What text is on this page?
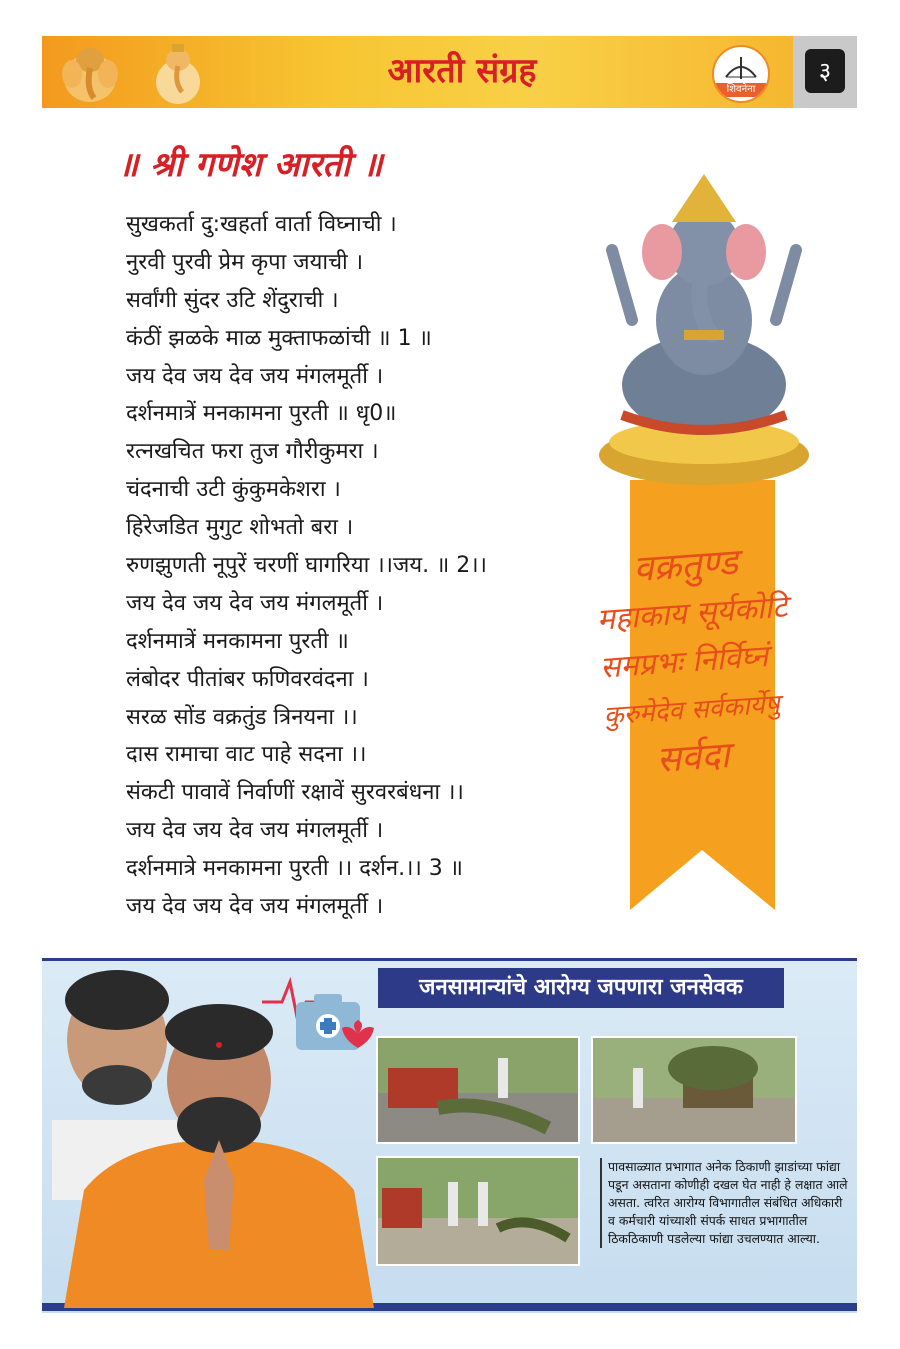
आरती संग्रह	शिवनेना
३
॥ श्री गणेश आरती ॥
सुखकर्ता दु:खहर्ता वार्ता विघ्नाची ।
नुरवी पुरवी प्रेम कृपा जयाची ।
सर्वांगी सुंदर उटि शेंदुराची ।
कंठीं झळके माळ मुक्ताफळांची ॥ 1 ॥
जय देव जय देव जय मंगलमूर्ती ।
दर्शनमात्रें मनकामना पुरती ॥ धृ0॥
रत्नखचित फरा तुज गौरीकुमरा ।
चंदनाची उटी कुंकुमकेशरा ।
हिरेजडित मुगुट शोभतो बरा ।
रुणझुणती नूपुरें चरणीं घागरिया ।।जय. ॥ 2।।
जय देव जय देव जय मंगलमूर्ती ।
दर्शनमात्रें मनकामना पुरती ॥
लंबोदर पीतांबर फणिवरवंदना ।
सरळ सोंड वक्रतुंड त्रिनयना ।।
दास रामाचा वाट पाहे सदना ।।
संकटी पावावें निर्वाणीं रक्षावें सुरवरबंधना ।।
जय देव जय देव जय मंगलमूर्ती ।
दर्शनमात्रे मनकामना पुरती ।। दर्शन.।। 3 ॥
जय देव जय देव जय मंगलमूर्ती ।
वक्रतुण्ड
महाकाय सूर्यकोटि
समप्रभः निर्विघ्नं
कुरुमेदेव सर्वकार्येषु
सर्वदा
जनसामान्यांचे आरोग्य जपणारा जनसेवक
पावसाळ्यात प्रभागात अनेक ठिकाणी झाडांच्या फांद्या पडून असताना कोणीही दखल घेत नाही हे लक्षात आले असता. त्वरित आरोग्य विभागातील संबंधित अधिकारी व कर्मचारी यांच्याशी संपर्क साधत प्रभागातील ठिकठिकाणी पडलेल्या फांद्या उचलण्यात आल्या.
